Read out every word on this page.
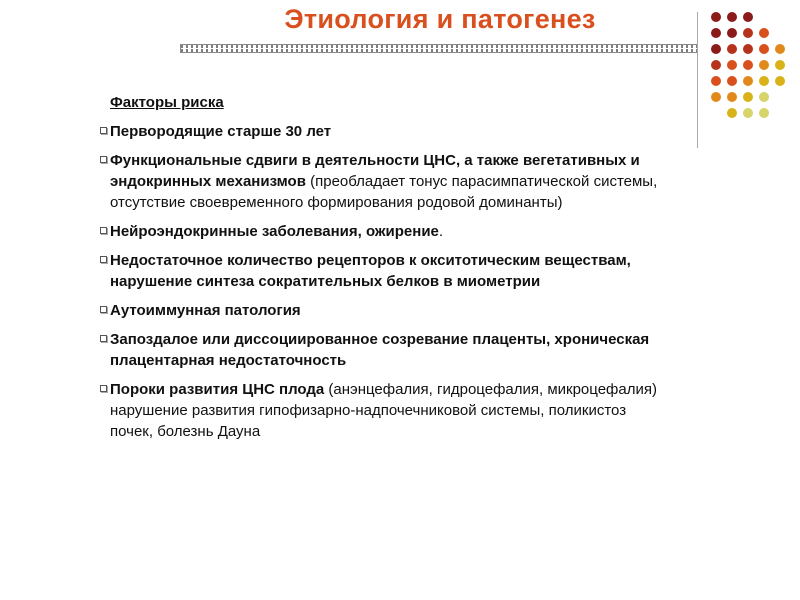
Этиология и патогенез
Факторы риска
Первородящие старше 30 лет
Функциональные сдвиги в деятельности ЦНС, а также вегетативных и эндокринных механизмов (преобладает тонус парасимпатической системы, отсутствие своевременного формирования родовой доминанты)
Нейроэндокринные заболевания, ожирение.
Недостаточное количество рецепторов к окситотическим веществам, нарушение синтеза сократительных белков в миометрии
Аутоиммунная патология
Запоздалое или диссоциированное созревание плаценты, хроническая плацентарная недостаточность
Пороки развития ЦНС плода (анэнцефалия, гидроцефалия, микроцефалия) нарушение развития гипофизарно-надпочечниковой системы, поликистоз почек, болезнь Дауна
